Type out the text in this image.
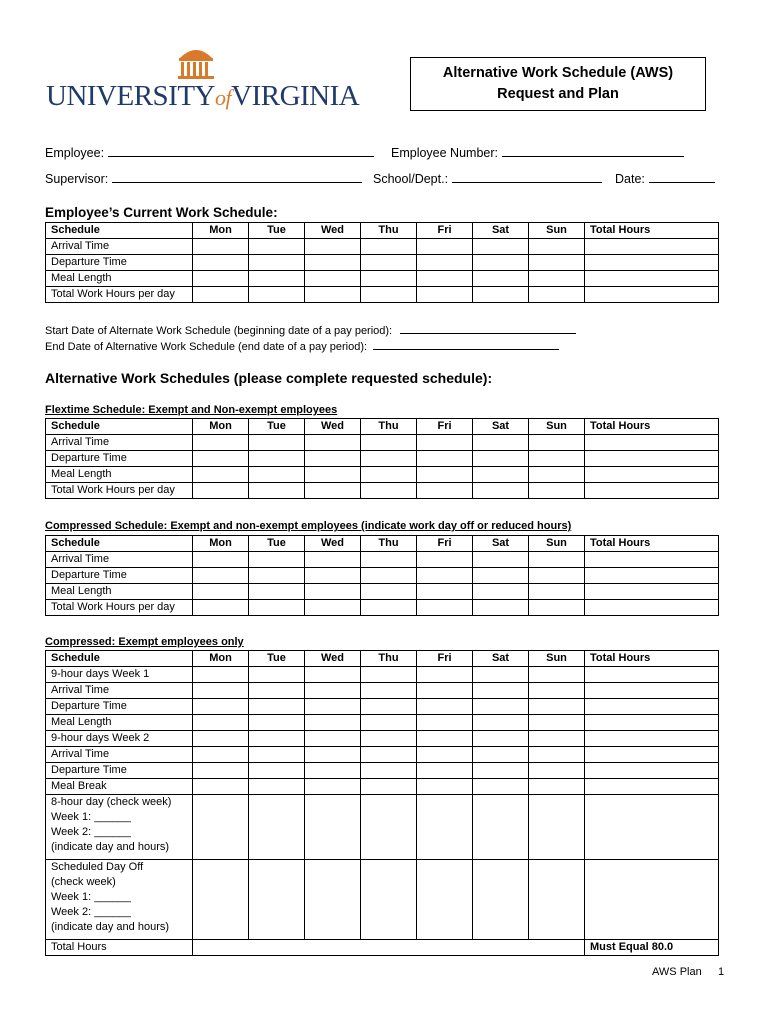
UNIVERSITYofVIRGINIA
Alternative Work Schedule (AWS)
Request and Plan
Employee:	Employee Number:
Supervisor:	School/Dept.:	Date:
Employee’s Current Work Schedule:
Schedule	Mon	Tue	Wed	Thu	Fri	Sat	Sun	Total Hours
Arrival Time								
Departure Time								
Meal Length								
Total Work Hours per day								
Start Date of Alternate Work Schedule (beginning date of a pay period):
End Date of Alternative Work Schedule (end date of a pay period):
Alternative Work Schedules (please complete requested schedule):
Flextime Schedule: Exempt and Non-exempt employees
Schedule	Mon	Tue	Wed	Thu	Fri	Sat	Sun	Total Hours
Arrival Time								
Departure Time								
Meal Length								
Total Work Hours per day								
Compressed Schedule: Exempt and non-exempt employees (indicate work day off or reduced hours)
Schedule	Mon	Tue	Wed	Thu	Fri	Sat	Sun	Total Hours
Arrival Time								
Departure Time								
Meal Length								
Total Work Hours per day								
Compressed: Exempt employees only
Schedule	Mon	Tue	Wed	Thu	Fri	Sat	Sun	Total Hours
9-hour days Week 1								
Arrival Time								
Departure Time								
Meal Length								
9-hour days Week 2								
Arrival Time								
Departure Time								
Meal Break								

8-hour day (check week)
Week 1: ______
Week 2: ______
(indicate day and hours)								

Scheduled Day Off
(check week)
Week 1: ______
Week 2: ______
(indicate day and hours)								

Total Hours								Must Equal 80.0
AWS Plan 1
